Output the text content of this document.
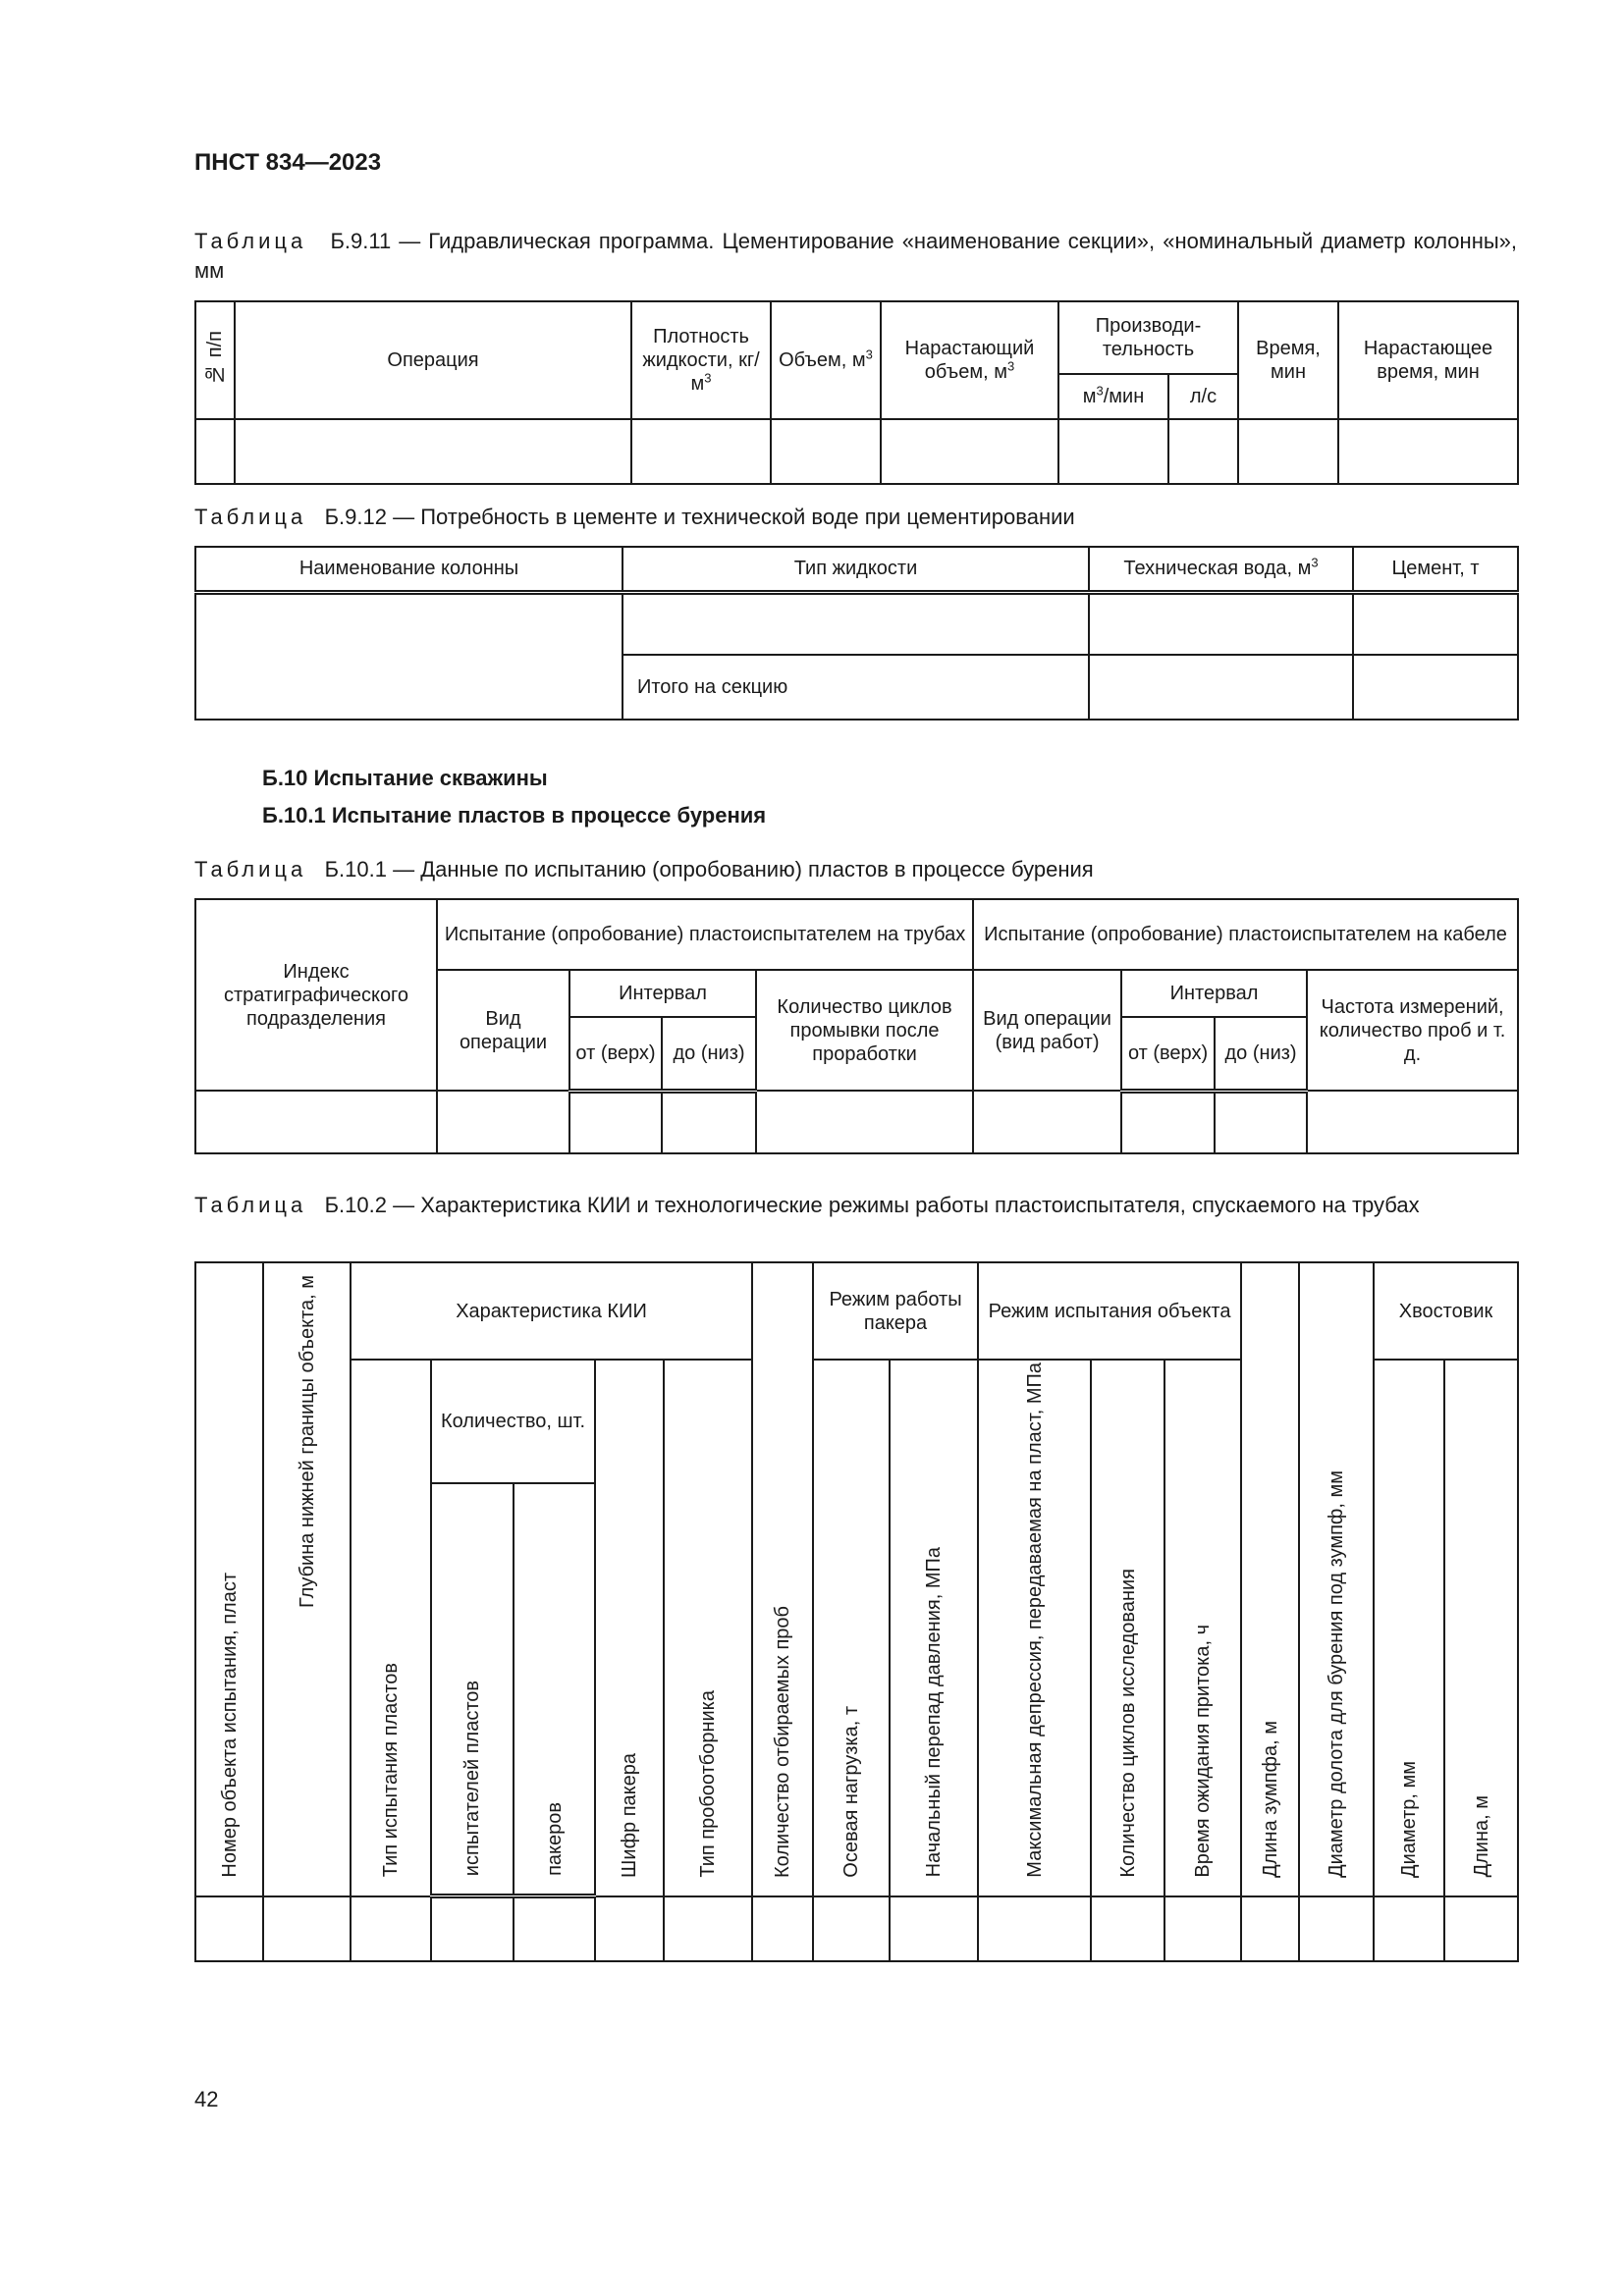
ПНСТ 834—2023
Таблица Б.9.11 — Гидравлическая программа. Цементирование «наименование секции», «номинальный диаметр колонны», мм
№ п/п	Операция	Плотность жидкости, $кг/м^3$	Объем, $м^3$	Нарастающий объем, $м^3$	Производи-тельность		Время, мин	Нарастающее время, мин
					$м^3$/мин	л/с		

Таблица Б.9.12 — Потребность в цементе и технической воде при цементировании
Наименование колонны	Тип жидкости	Техническая вода, $м^3$	Цемент, т

	Итого на секцию		
Б.10 Испытание скважины
Б.10.1 Испытание пластов в процессе бурения
Таблица Б.10.1 — Данные по испытанию (опробованию) пластов в процессе бурения
Индекс стратиграфического подразделения	Испытание (опробование) пластоиспытателем на трубах				Испытание (опробование) пластоиспытателем на кабеле			
	Вид операции	Интервал		Количество циклов промывки после проработки	Вид операции (вид работ)	Интервал		Частота измерений, количество проб и т. д.
		от (верх)	до (низ)			от (верх)	до (низ)	

Таблица Б.10.2 — Характеристика КИИ и технологические режимы работы пластоиспытателя, спускаемого на трубах
Номер объекта испытания, пласт	Глубина нижней границы объекта, м	Характеристика КИИ					Количество отбираемых проб	Режим работы пакера		Режим испытания объекта			Длина зумпфа, м	Диаметр долота для бурения под зумпф, мм	Хвостовик	
		Тип испытания пластов	Количество, шт.		Шифр пакера	Тип пробоотборника		Осевая нагрузка, т	Начальный перепад давления, МПа	Максимальная депрессия, передаваемая на пласт, МПа	Количество циклов исследования	Время ожидания притока, ч			Диаметр, мм	Длина, м
			испытателей пластов	пакеров												

42
